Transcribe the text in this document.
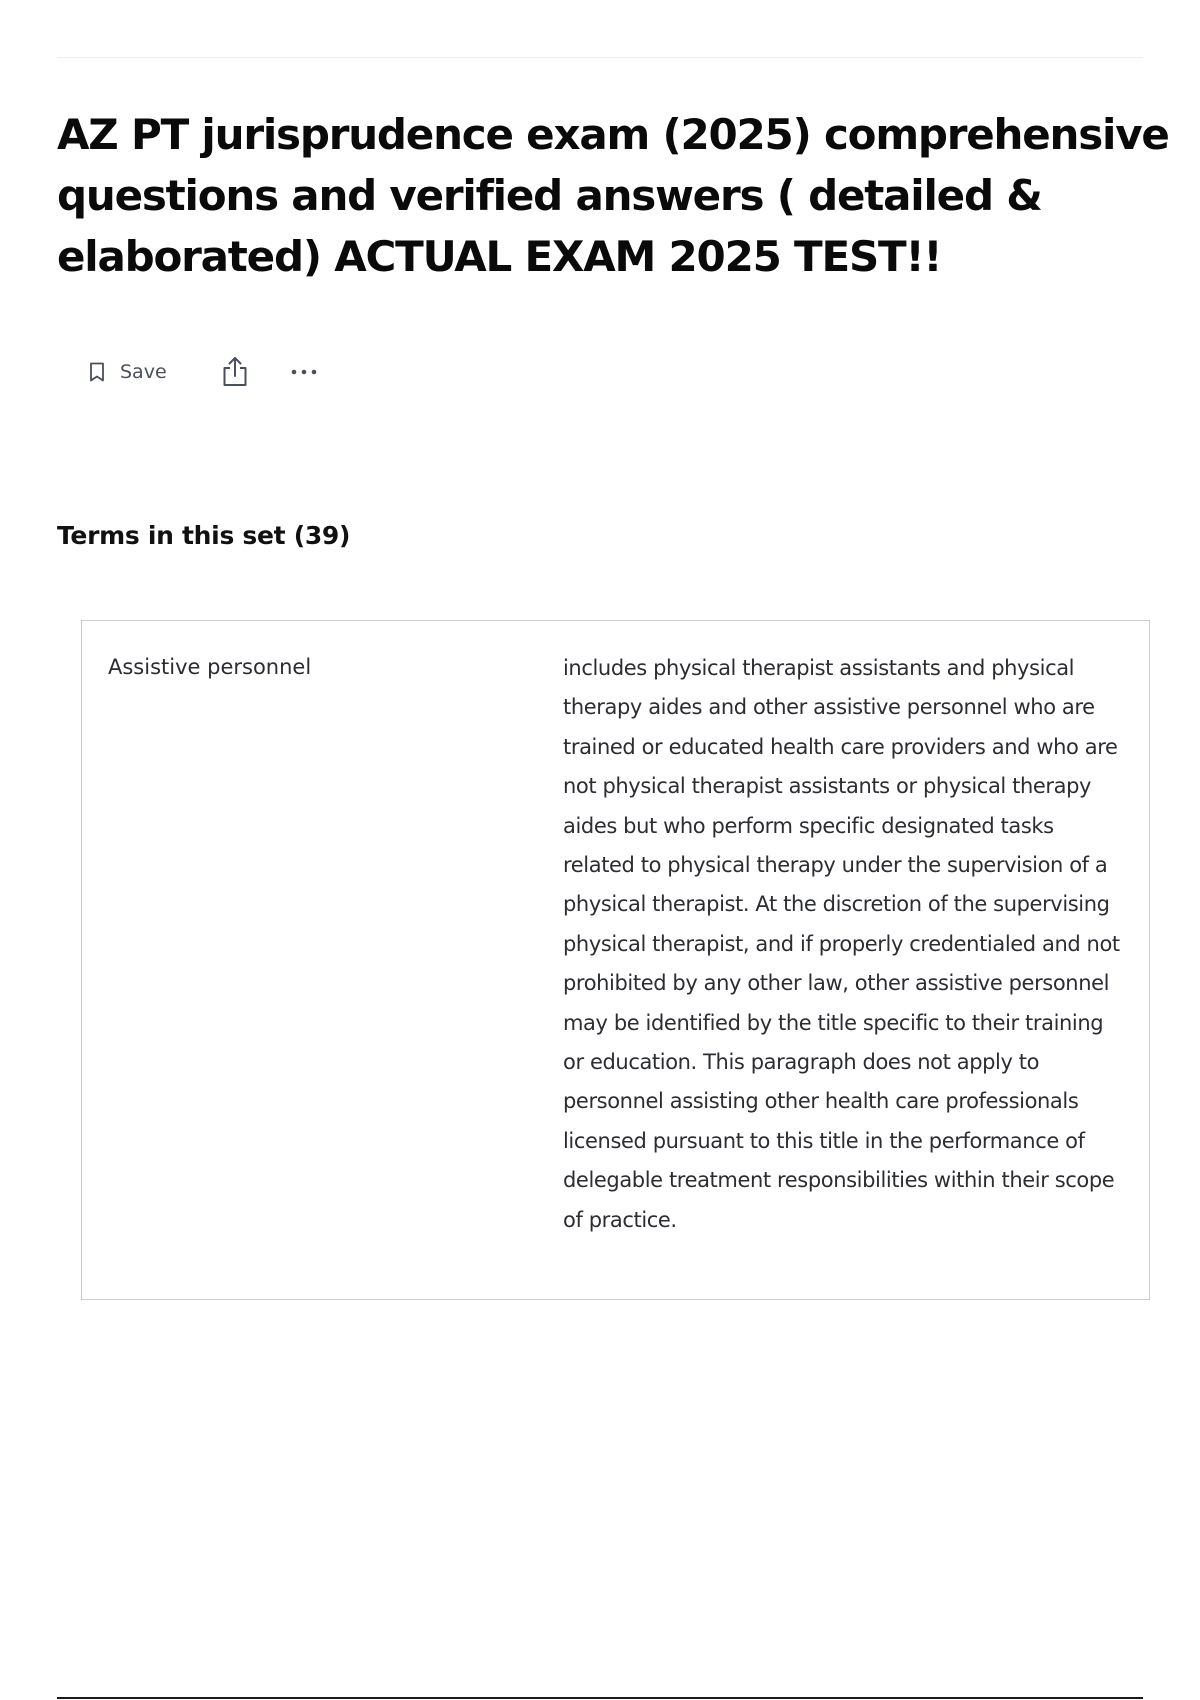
AZ PT jurisprudence exam (2025) comprehensive questions and verified answers ( detailed & elaborated) ACTUAL EXAM 2025 TEST!!
Save
Terms in this set (39)
Assistive personnel	includes physical therapist assistants and physical therapy aides and other assistive personnel who are trained or educated health care providers and who are not physical therapist assistants or physical therapy aides but who perform specific designated tasks related to physical therapy under the supervision of a physical therapist. At the discretion of the supervising physical therapist, and if properly credentialed and not prohibited by any other law, other assistive personnel may be identified by the title specific to their training or education. This paragraph does not apply to personnel assisting other health care professionals licensed pursuant to this title in the performance of delegable treatment responsibilities within their scope of practice.
